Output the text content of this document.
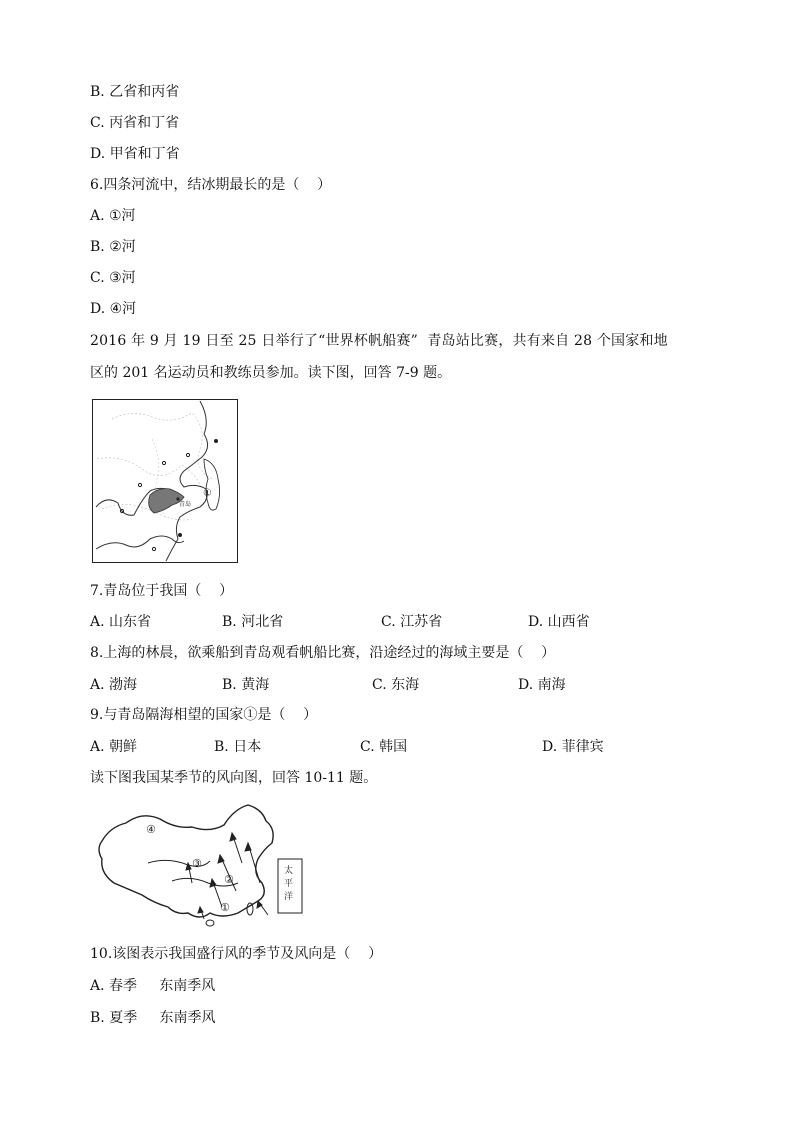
B. 乙省和丙省
C. 丙省和丁省
D. 甲省和丁省
6.四条河流中，结冰期最长的是（    ）
A. ①河
B. ②河
C. ③河
D. ④河
2016 年 9 月 19 日至 25 日举行了“世界杯帆船赛”  青岛站比赛，共有来自 28 个国家和地
区的 201 名运动员和教练员参加。读下图，回答 7-9 题。
青岛
①
7.青岛位于我国（    ）
A. 山东省	B. 河北省	C. 江苏省	D. 山西省
8.上海的林晨，欲乘船到青岛观看帆船比赛，沿途经过的海域主要是（    ）
A. 渤海	B. 黄海	C. 东海	D. 南海
9.与青岛隔海相望的国家①是（    ）
A. 朝鲜	B. 日本	C. 韩国	D. 菲律宾
读下图我国某季节的风向图，回答 10-11 题。
④
③
②
①
太
平
洋
10.该图表示我国盛行风的季节及风向是（    ）
A. 春季     东南季风
B. 夏季     东南季风
